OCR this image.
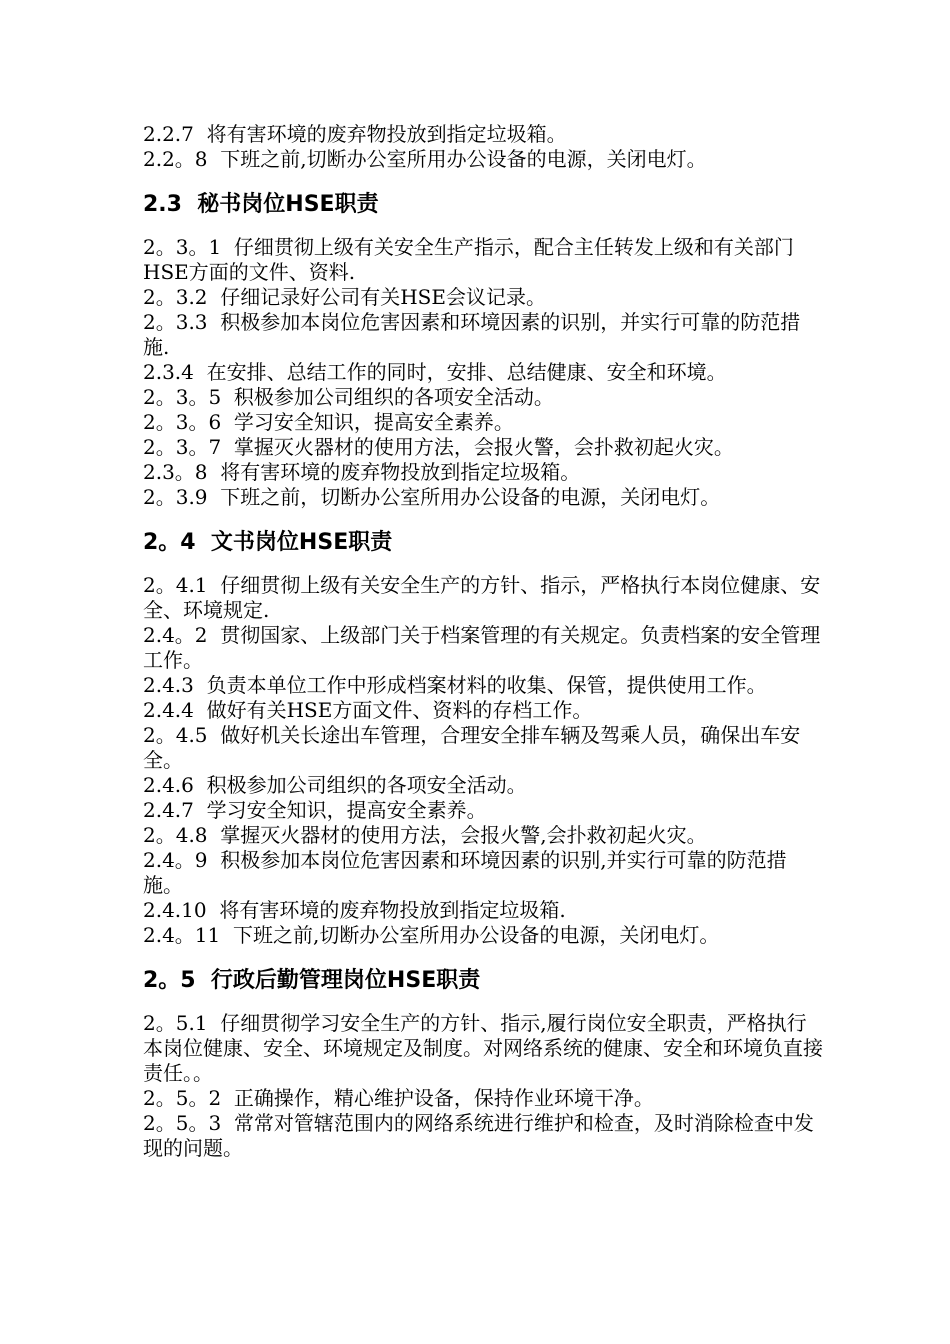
2.2.7  将有害环境的废弃物投放到指定垃圾箱。

2.2。8  下班之前,切断办公室所用办公设备的电源，关闭电灯。

2.3  秘书岗位HSE职责

2。3。1  仔细贯彻上级有关安全生产指示，配合主任转发上级和有关部门HSE方面的文件、资料.

2。3.2  仔细记录好公司有关HSE会议记录。

2。3.3  积极参加本岗位危害因素和环境因素的识别，并实行可靠的防范措施.

2.3.4  在安排、总结工作的同时，安排、总结健康、安全和环境。

2。3。5  积极参加公司组织的各项安全活动。

2。3。6  学习安全知识，提高安全素养。

2。3。7  掌握灭火器材的使用方法，会报火警，会扑救初起火灾。

2.3。8  将有害环境的废弃物投放到指定垃圾箱。

2。3.9  下班之前，切断办公室所用办公设备的电源，关闭电灯。

2。4  文书岗位HSE职责

2。4.1  仔细贯彻上级有关安全生产的方针、指示，严格执行本岗位健康、安全、环境规定.

2.4。2  贯彻国家、上级部门关于档案管理的有关规定。负责档案的安全管理工作。

2.4.3  负责本单位工作中形成档案材料的收集、保管，提供使用工作。

2.4.4  做好有关HSE方面文件、资料的存档工作。

2。4.5  做好机关长途出车管理，合理安全排车辆及驾乘人员，确保出车安全。

2.4.6  积极参加公司组织的各项安全活动。

2.4.7  学习安全知识，提高安全素养。

2。4.8  掌握灭火器材的使用方法，会报火警,会扑救初起火灾。

2.4。9  积极参加本岗位危害因素和环境因素的识别,并实行可靠的防范措施。

2.4.10  将有害环境的废弃物投放到指定垃圾箱.

2.4。11  下班之前,切断办公室所用办公设备的电源，关闭电灯。

2。5  行政后勤管理岗位HSE职责

2。5.1  仔细贯彻学习安全生产的方针、指示,履行岗位安全职责，严格执行本岗位健康、安全、环境规定及制度。对网络系统的健康、安全和环境负直接责任。。

2。5。2  正确操作，精心维护设备，保持作业环境干净。

2。5。3  常常对管辖范围内的网络系统进行维护和检查，及时消除检查中发现的问题。
